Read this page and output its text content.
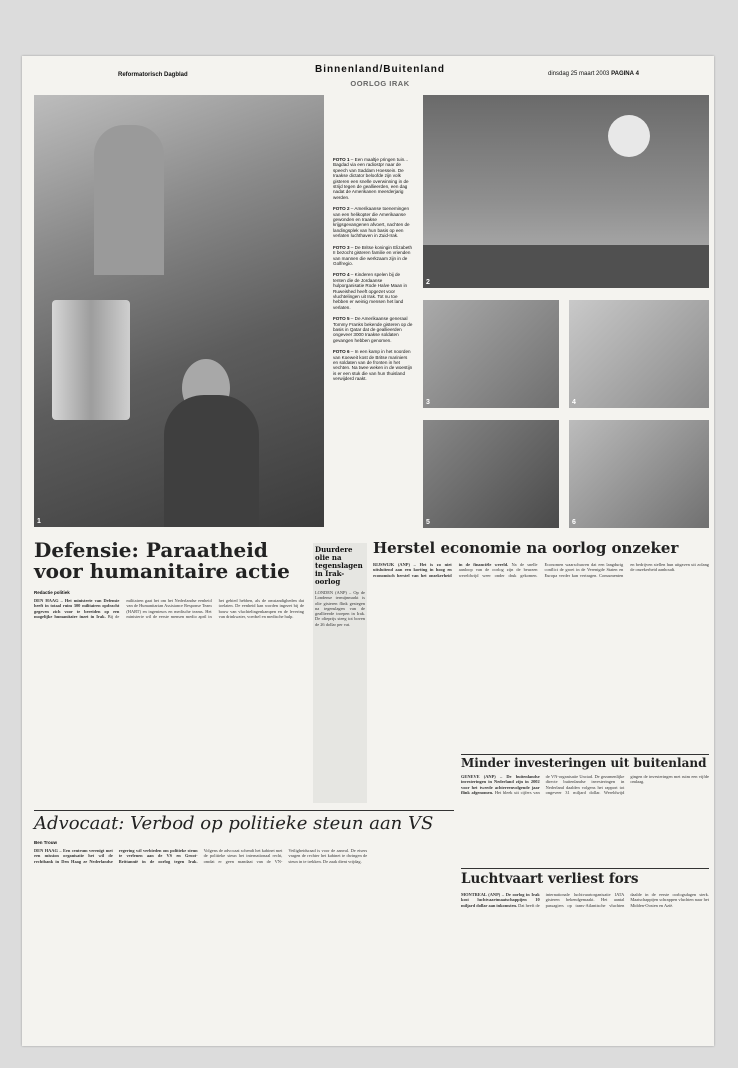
Reformatorisch Dagblad	Binnenland/Buitenland
OORLOG IRAK
dinsdag 25 maart 2003 PAGINA 4
1

FOTO 1 – Een maaltje pringen tuin... Bagdad via een radiostpr naar de speech van Saddam Hoessein. De Iraakse dictator beloofde zijn volk gisteren een snelle overwinning in de strijd tegen de geallieerden, een dag nadat de Amerikanen meerderjarig werden.

FOTO 2 – Amerikaanse toenemingen van een helikopter die Amerikaanse gewonden en Iraakse krijgsgevangenen afvoert, nachten de landingsplek van hun basis op een verlaten luchthaven in Zuid-Irak.

FOTO 3 – De Britse koningin Elizabeth II bezocht gisteren familie en vrienden van mannen die werkzaam zijn in de Golfregio.

FOTO 4 – Kinderen spelen bij de tenten die de Jordaanse hulporganisatie Rode Halve Maan in Ruweished heeft opgezet voor vluchtelingen uit Irak. Tot nu toe hebben er weinig mensen het land verlaten.

FOTO 5 – De Amerikaanse generaal Tommy Franks bekende gisteren op de basis in Qatar dat de geallieerden ongeveer 3000 Iraakse soldaten gevangen hebben genomen.

FOTO 6 – In een kamp in het noorden van Koeweit kost de Britse mariniers en soldaten van de fronten in het vechten. Na twee weken in de woestijn is er een stuk die van hun thuisland verwijderd raakt.

2
3	4
5	6
Defensie: Paraatheid voor humanitaire actie
Redactie politiek
DEN HAAG – Het ministerie van Defensie heeft in totaal ruim 300 militairen opdracht gegeven zich voor te bereiden op een mogelijke humanitaire inzet in Irak. Bij de militairen gaat het om het Nederlandse eenheid van de Humanitarian Assistance Response Team (HART) en ingenieurs en medische teams. Het ministerie wil de eerste mensen medio april in het gebied hebben, als de omstandigheden dat toelaten. De eenheid kan worden ingezet bij de bouw van vluchtelingenkampen en de levering van drinkwater, voedsel en medische hulp.
Duurdere olie na tegenslagen in Irak-oorlog
LONDEN (ANP) – Op de Londense termijnmarkt is olie gisteren flink gestegen na tegenslagen van de geallieerde troepen in Irak. De olieprijs steeg tot boven de 26 dollar per vat.
Herstel economie na oorlog onzeker
RIJSWIJK (ANP) – Het is zo niet uitsluitend aan een korting in hoog en economisch herstel van het onzekerheid in de financiële wereld. Na de snelle aanloop van de oorlog zijn de beurzen wereldwijd weer onder druk gekomen. Economen waarschuwen dat een langdurig conflict de groei in de Verenigde Staten en Europa verder kan vertragen. Consumenten en bedrijven stellen hun uitgaven uit zolang de onzekerheid aanhoudt.
Minder investeringen uit buitenland
GENEVE (ANP) – De buitenlandse investeringen in Nederland zijn in 2002 voor het tweede achtereenvolgende jaar flink afgenomen. Het bleek uit cijfers van de VN-organisatie Unctad. De gezamenlijke directe buitenlandse investeringen in Nederland daalden volgens het rapport tot ongeveer 31 miljard dollar. Wereldwijd gingen de investeringen met ruim een vijfde omlaag.
Advocaat: Verbod op politieke steun aan VS
Ben Trouw
DEN HAAG – Een centrum verenigt met een mission organisatie het wil de rechtbank in Den Haag ze Nederlandse regering wil verbieden om politieke steun te verlenen aan de VS en Groot-Brittannië in de oorlog tegen Irak. Volgens de advocaat schendt het kabinet met de politieke steun het internationaal recht, omdat er geen mandaat van de VN-Veiligheidsraad is voor de aanval. De eisers vragen de rechter het kabinet te dwingen de steun in te trekken. De zaak dient vrijdag.
Luchtvaart verliest fors
MONTREAL (ANP) – De oorlog in Irak kost luchtvaartmaatschappijen 10 miljard dollar aan inkomsten. Dat heeft de internationale luchtvaartorganisatie IATA gisteren bekendgemaakt. Het aantal passagiers op trans-Atlantische vluchten daalde in de eerste oorlogsdagen sterk. Maatschappijen schrappen vluchten naar het Midden-Oosten en Azië.
